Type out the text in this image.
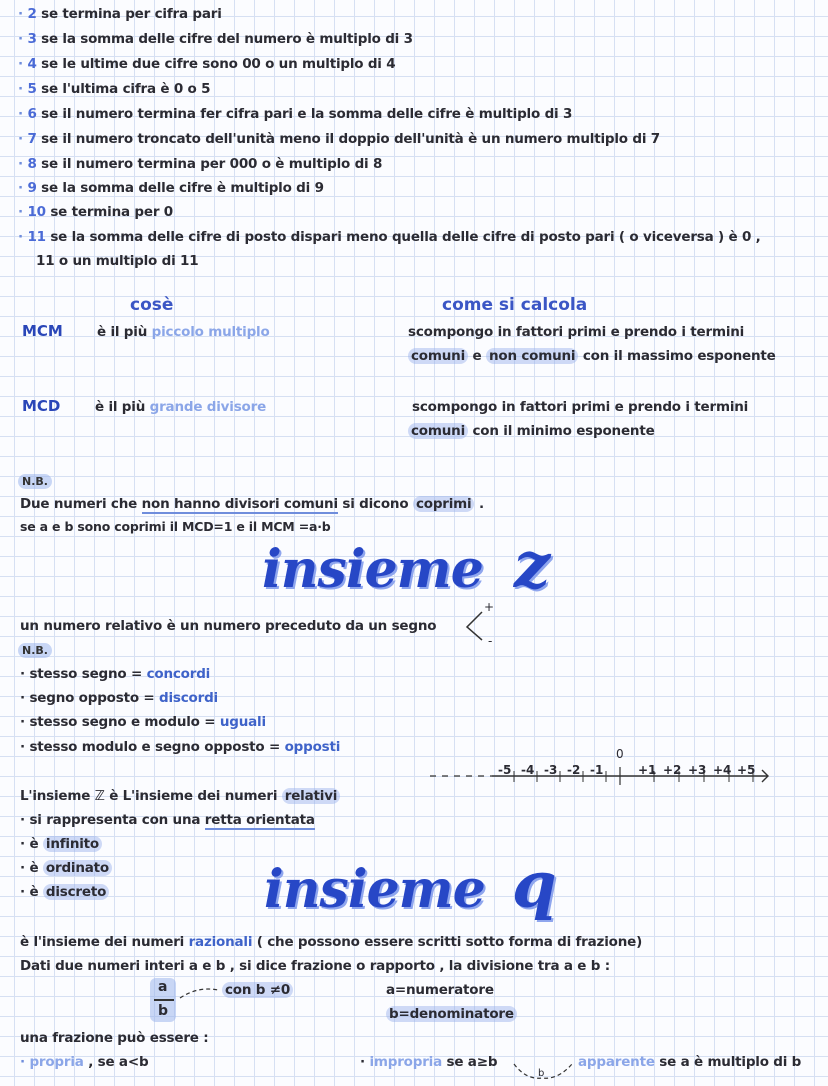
· 2 se termina per cifra pari
· 3 se la somma delle cifre del numero è multiplo di 3
· 4 se le ultime due cifre sono 00 o un multiplo di 4
· 5 se l'ultima cifra è 0 o 5
· 6 se il numero termina fer cifra pari e la somma delle cifre è multiplo di 3
· 7 se il numero troncato dell'unità meno il doppio dell'unità è un numero multiplo di 7
· 8 se il numero termina per 000 o è multiplo di 8
· 9 se la somma delle cifre è multiplo di 9
· 10 se termina per 0
· 11 se la somma delle cifre di posto dispari meno quella delle cifre di posto pari ( o viceversa ) è 0 ,
11 o un multiplo di 11
cosè	come si calcola
MCM	è il più piccolo multiplo	scompongo in fattori primi e prendo i termini
comuni e non comuni con il massimo esponente
MCD	è il più grande divisore	scompongo in fattori primi e prendo i termini
comuni con il minimo esponente
N.B.
Due numeri che non hanno divisori comuni si dicono coprimi .
se a e b sono coprimi il MCD=1 e il MCM =a·b
insieme z
un numero relativo è un numero preceduto da un segno
+
-
N.B.
· stesso segno = concordi
· segno opposto = discordi
· stesso segno e modulo = uguali
· stesso modulo e segno opposto = opposti
-5 -4 -3 -2 -1	+1 +2 +3 +4 +5
0
L'insieme ℤ è L'insieme dei numeri relativi
· si rappresenta con una retta orientata
· è infinito
· è ordinato
· è discreto	insieme q
è l'insieme dei numeri razionali ( che possono essere scritti sotto forma di frazione)
Dati due numeri interi a e b , si dice frazione o rapporto , la divisione tra a e b :
a
b
con b ≠0	a=numeratore
b=denominatore
una frazione può essere :
· propria , se a<b	· impropria se a≥b
b
apparente se a è multiplo di b
